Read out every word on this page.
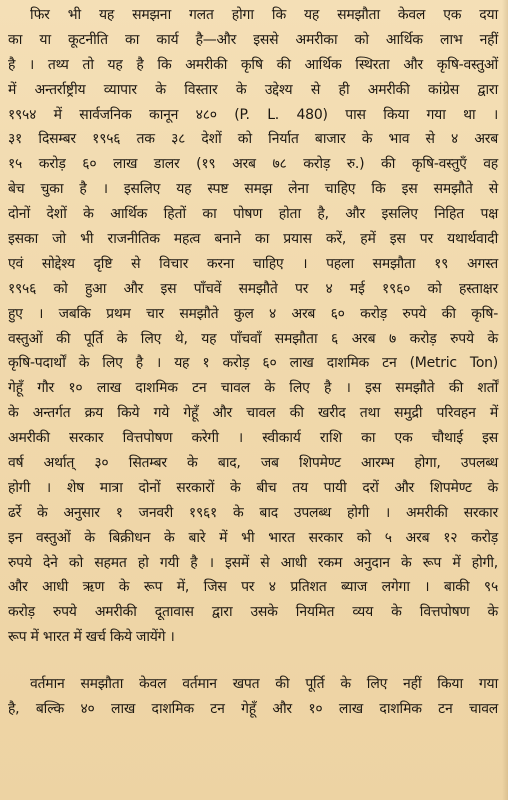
फिर भी यह समझना गलत होगा कि यह समझौता केवल एक दया
का या कूटनीति का कार्य है—और इससे अमरीका को आर्थिक लाभ नहीं
है । तथ्य तो यह है कि अमरीकी कृषि की आर्थिक स्थिरता और कृषि-वस्तुओं
में अन्तर्राष्ट्रीय व्यापार के विस्तार के उद्देश्य से ही अमरीकी कांग्रेस द्वारा
१९५४ में सार्वजनिक कानून ४८० (P. L. 480) पास किया गया था ।
३१ दिसम्बर १९५६ तक ३८ देशों को निर्यात बाजार के भाव से ४ अरब
१५ करोड़ ६० लाख डालर (१९ अरब ७८ करोड़ रु.) की कृषि-वस्तुएँ वह
बेच चुका है । इसलिए यह स्पष्ट समझ लेना चाहिए कि इस समझौते से
दोनों देशों के आर्थिक हितों का पोषण होता है, और इसलिए निहित पक्ष
इसका जो भी राजनीतिक महत्व बनाने का प्रयास करें, हमें इस पर यथार्थवादी
एवं सोद्देश्य दृष्टि से विचार करना चाहिए । पहला समझौता १९ अगस्त
१९५६ को हुआ और इस पाँचवें समझौते पर ४ मई १९६० को हस्ताक्षर
हुए । जबकि प्रथम चार समझौते कुल ४ अरब ६० करोड़ रुपये की कृषि-
वस्तुओं की पूर्ति के लिए थे, यह पाँचवाँ समझौता ६ अरब ७ करोड़ रुपये के
कृषि-पदार्थों के लिए है । यह १ करोड़ ६० लाख दाशमिक टन (Metric Ton)
गेहूँ गौर १० लाख दाशमिक टन चावल के लिए है । इस समझौते की शर्तों
के अन्तर्गत क्रय किये गये गेहूँ और चावल की खरीद तथा समुद्री परिवहन में
अमरीकी सरकार वित्तपोषण करेगी । स्वीकार्य राशि का एक चौथाई इस
वर्ष अर्थात् ३० सितम्बर के बाद, जब शिपमेण्ट आरम्भ होगा, उपलब्ध
होगी । शेष मात्रा दोनों सरकारों के बीच तय पायी दरों और शिपमेण्ट के
ढर्रे के अनुसार १ जनवरी १९६१ के बाद उपलब्ध होगी । अमरीकी सरकार
इन वस्तुओं के बिक्रीधन के बारे में भी भारत सरकार को ५ अरब १२ करोड़
रुपये देने को सहमत हो गयी है । इसमें से आधी रकम अनुदान के रूप में होगी,
और आधी ऋण के रूप में, जिस पर ४ प्रतिशत ब्याज लगेगा । बाकी ९५
करोड़ रुपये अमरीकी दूतावास द्वारा उसके नियमित व्यय के वित्तपोषण के
रूप में भारत में खर्च किये जायेंगे ।
वर्तमान समझौता केवल वर्तमान खपत की पूर्ति के लिए नहीं किया गया
है, बल्कि ४० लाख दाशमिक टन गेहूँ और १० लाख दाशमिक टन चावल
